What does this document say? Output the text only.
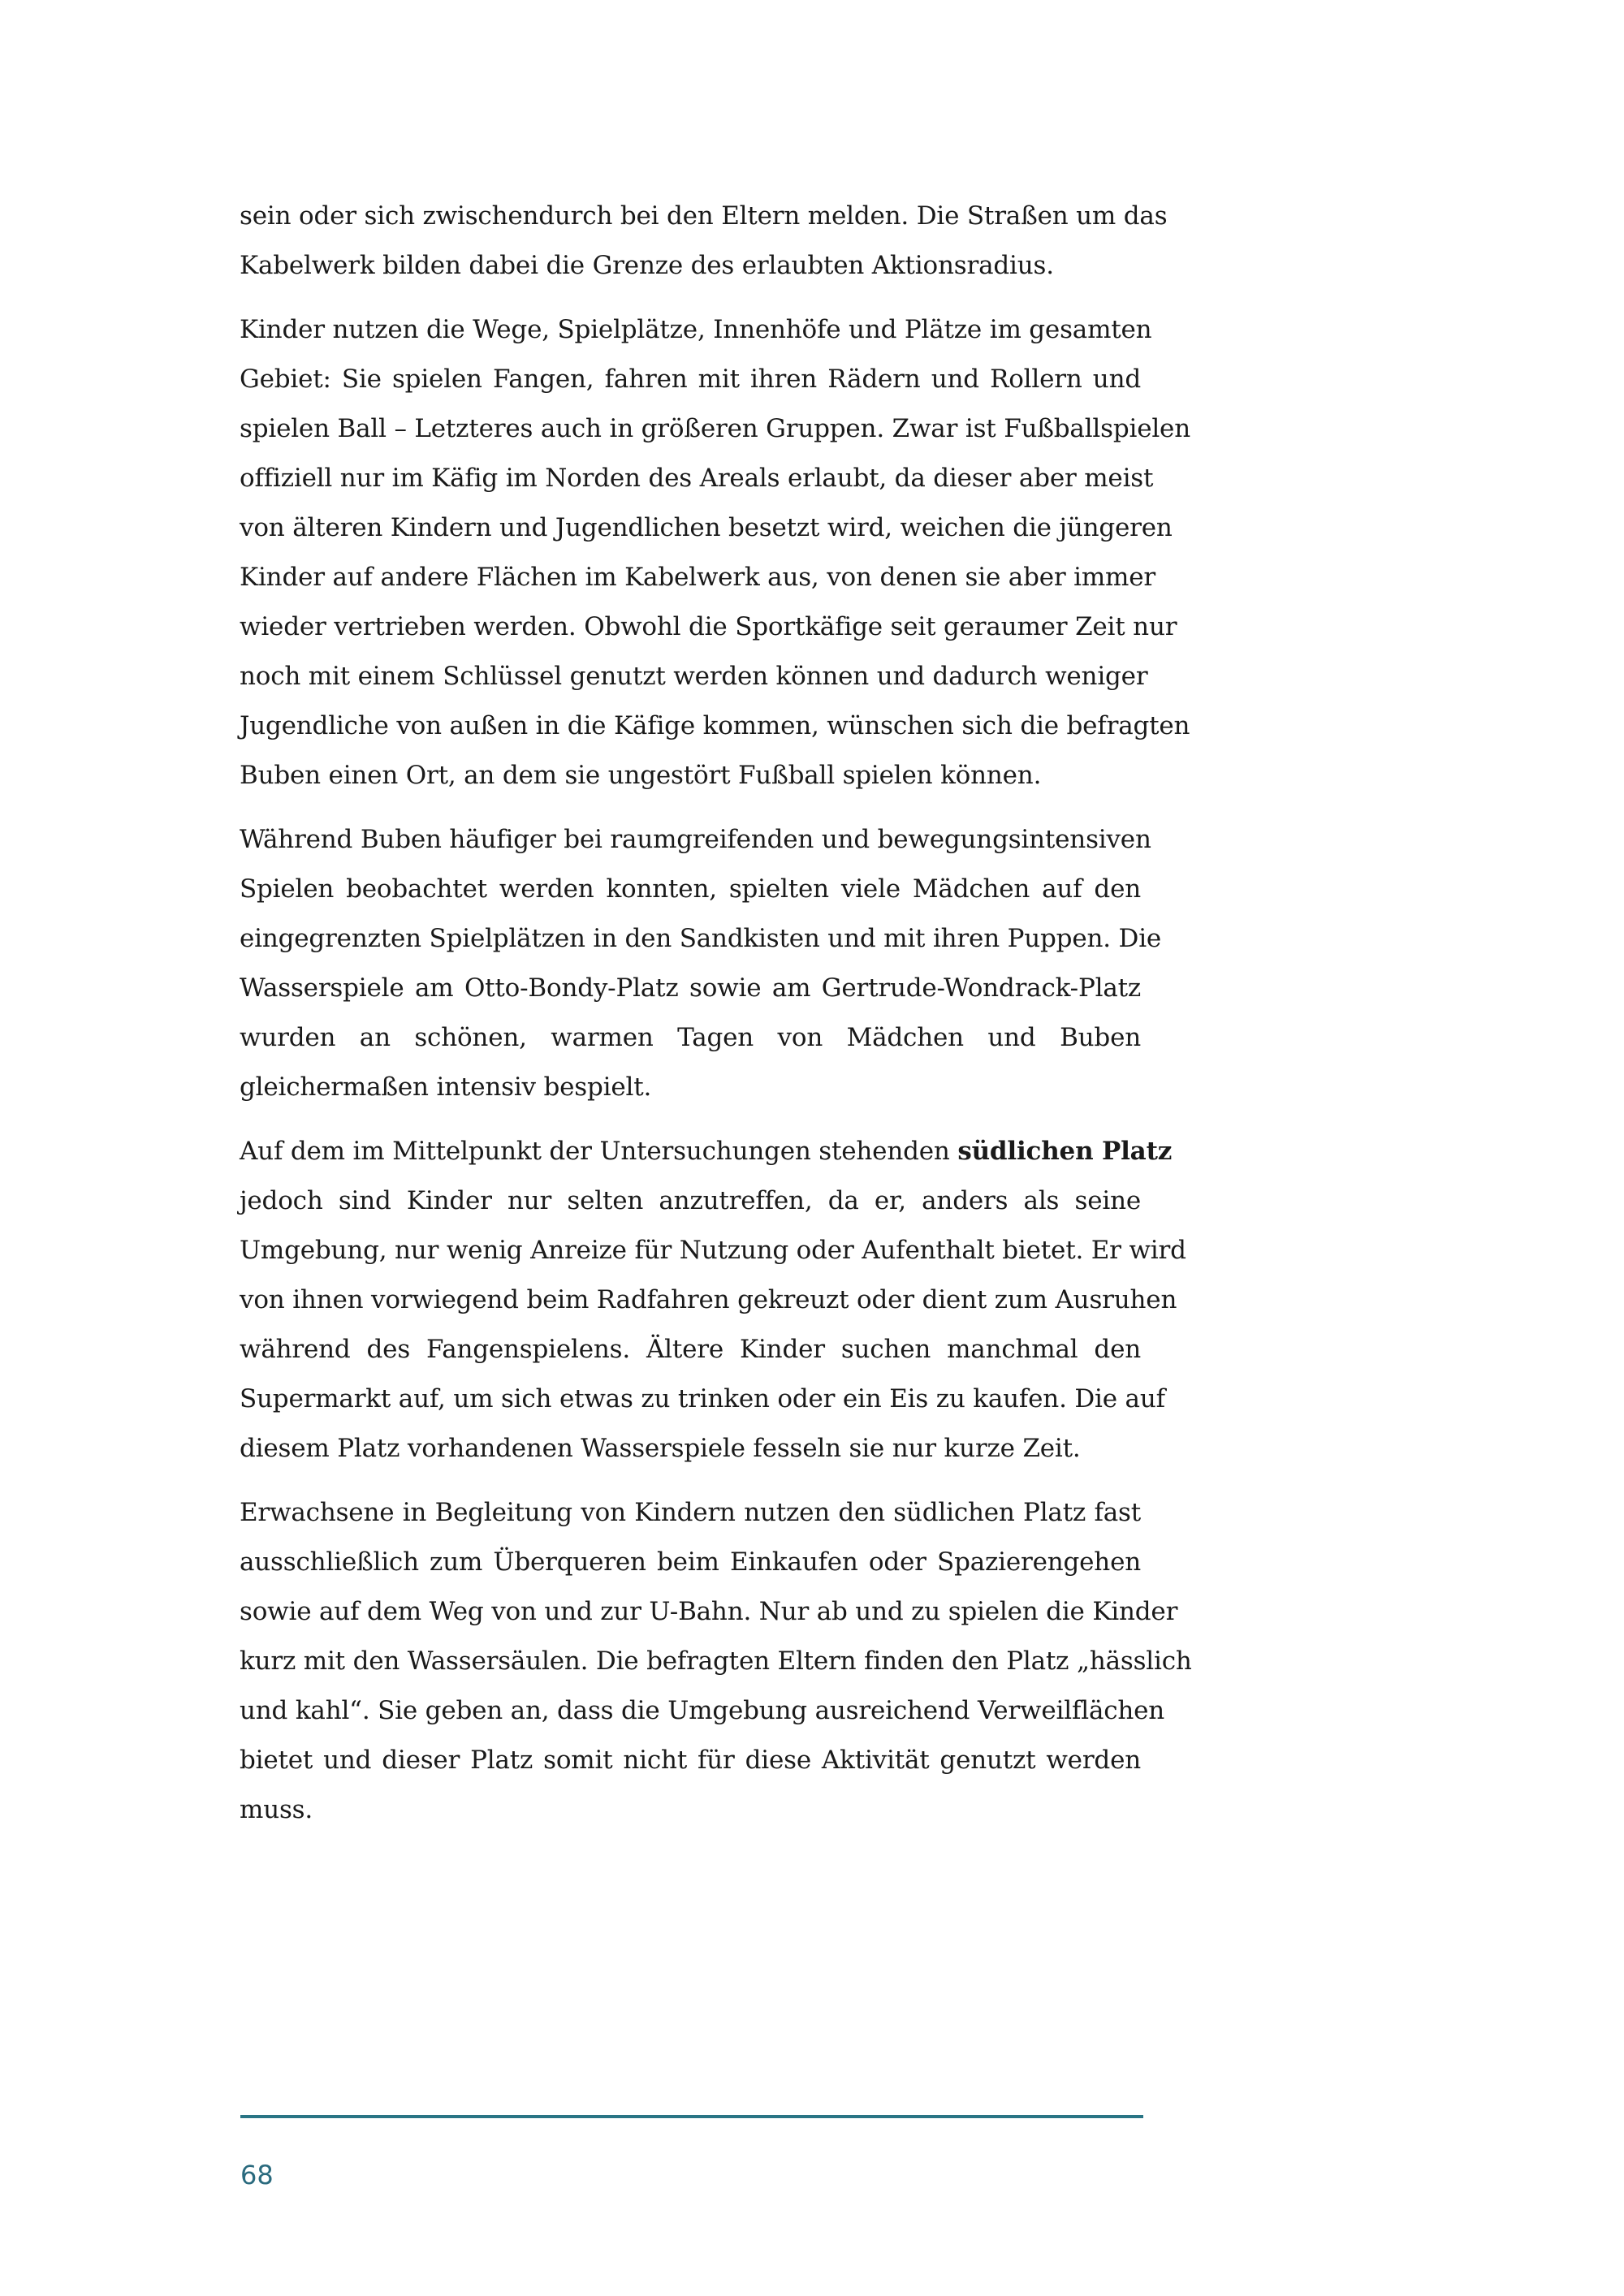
sein oder sich zwischendurch bei den Eltern melden. Die Straßen um das
Kabelwerk bilden dabei die Grenze des erlaubten Aktionsradius.

Kinder nutzen die Wege, Spielplätze, Innenhöfe und Plätze im gesamten
Gebiet: Sie spielen Fangen, fahren mit ihren Rädern und Rollern und
spielen Ball – Letzteres auch in größeren Gruppen. Zwar ist Fußballspielen
offiziell nur im Käfig im Norden des Areals erlaubt, da dieser aber meist
von älteren Kindern und Jugendlichen besetzt wird, weichen die jüngeren
Kinder auf andere Flächen im Kabelwerk aus, von denen sie aber immer
wieder vertrieben werden. Obwohl die Sportkäfige seit geraumer Zeit nur
noch mit einem Schlüssel genutzt werden können und dadurch weniger
Jugendliche von außen in die Käfige kommen, wünschen sich die befragten
Buben einen Ort, an dem sie ungestört Fußball spielen können.

Während Buben häufiger bei raumgreifenden und bewegungsintensiven
Spielen beobachtet werden konnten, spielten viele Mädchen auf den
eingegrenzten Spielplätzen in den Sandkisten und mit ihren Puppen. Die
Wasserspiele am Otto-Bondy-Platz sowie am Gertrude-Wondrack-Platz
wurden an schönen, warmen Tagen von Mädchen und Buben
gleichermaßen intensiv bespielt.

Auf dem im Mittelpunkt der Untersuchungen stehenden südlichen Platz
jedoch sind Kinder nur selten anzutreffen, da er, anders als seine
Umgebung, nur wenig Anreize für Nutzung oder Aufenthalt bietet. Er wird
von ihnen vorwiegend beim Radfahren gekreuzt oder dient zum Ausruhen
während des Fangenspielens. Ältere Kinder suchen manchmal den
Supermarkt auf, um sich etwas zu trinken oder ein Eis zu kaufen. Die auf
diesem Platz vorhandenen Wasserspiele fesseln sie nur kurze Zeit.

Erwachsene in Begleitung von Kindern nutzen den südlichen Platz fast
ausschließlich zum Überqueren beim Einkaufen oder Spazierengehen
sowie auf dem Weg von und zur U-Bahn. Nur ab und zu spielen die Kinder
kurz mit den Wassersäulen. Die befragten Eltern finden den Platz „hässlich
und kahl“. Sie geben an, dass die Umgebung ausreichend Verweilflächen
bietet und dieser Platz somit nicht für diese Aktivität genutzt werden
muss.

68
